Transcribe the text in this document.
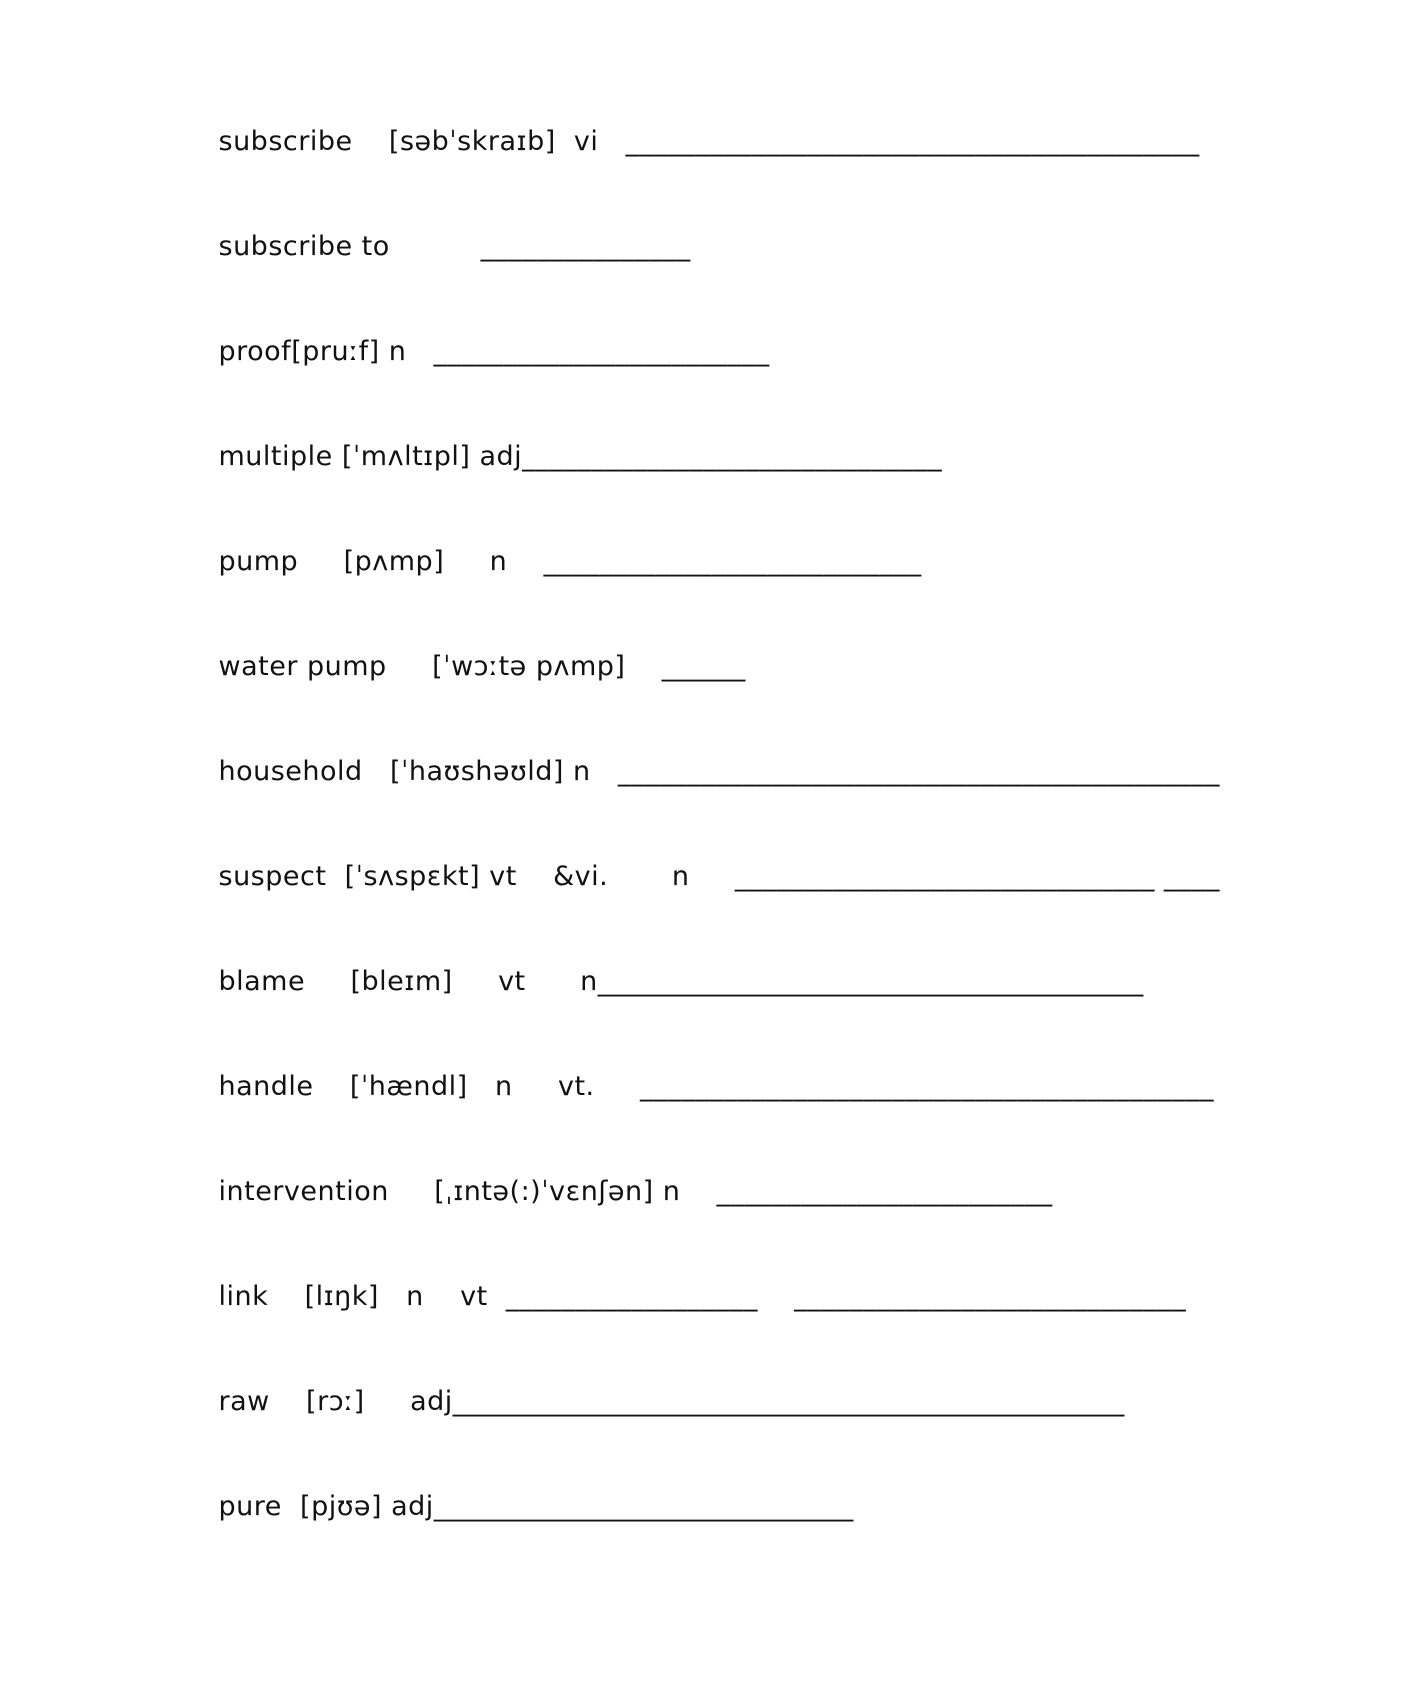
subscribe    [səbˈskraɪb]  vi   _________________________________________

subscribe to          _______________

proof[pruːf] n   ________________________

multiple [ˈmʌltɪpl] adj______________________________

pump     [pʌmp]     n    ___________________________

water pump     [ˈwɔːtə pʌmp]    ______

household   [ˈhaʊshəʊld] n   ___________________________________________

suspect  [ˈsʌspɛkt] vt    &vi.       n     ______________________________ ____

blame     [bleɪm]     vt      n_______________________________________

handle    [ˈhændl]   n     vt.     _________________________________________

intervention     [ˌɪntə(:)ˈvɛnʃən] n    ________________________

link    [lɪŋk]   n    vt  __________________    ____________________________

raw    [rɔː]     adj________________________________________________

pure  [pjʊə] adj______________________________
